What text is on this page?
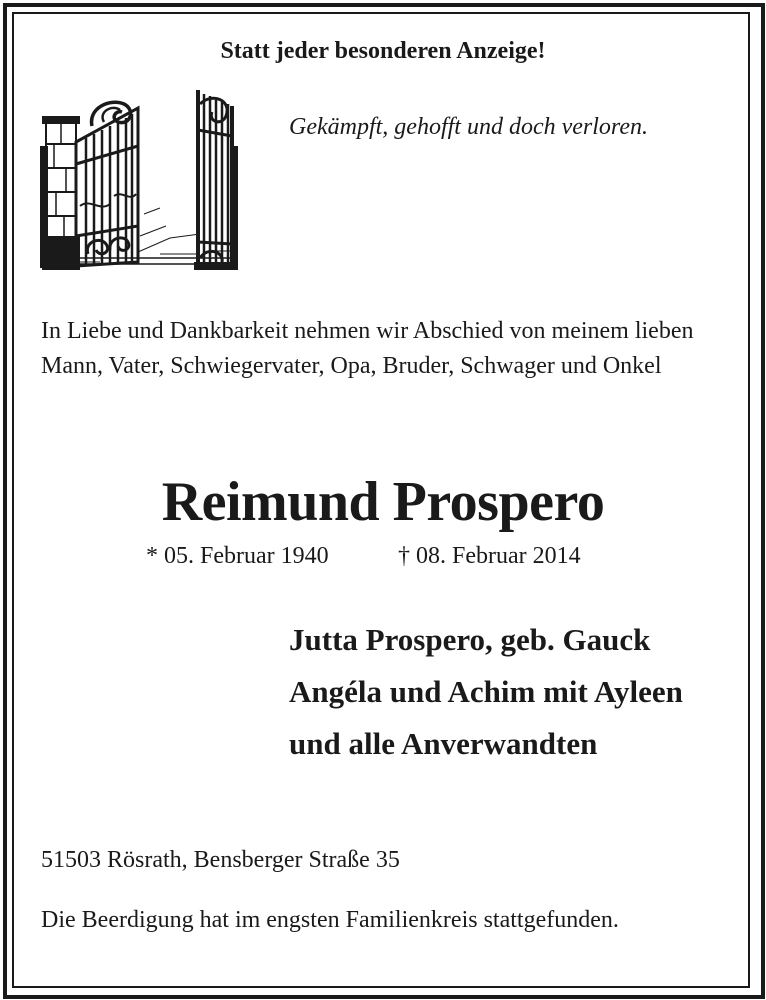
Statt jeder besonderen Anzeige!
Gekämpft, gehofft und doch verloren.
In Liebe und Dankbarkeit nehmen wir Abschied von meinem lieben Mann, Vater, Schwiegervater, Opa, Bruder, Schwager und Onkel
Reimund Prospero
* 05. Februar 1940	† 08. Februar 2014
Jutta Prospero, geb. Gauck
Angéla und Achim mit Ayleen
und alle Anverwandten
51503 Rösrath, Bensberger Straße 35
Die Beerdigung hat im engsten Familienkreis stattgefunden.
